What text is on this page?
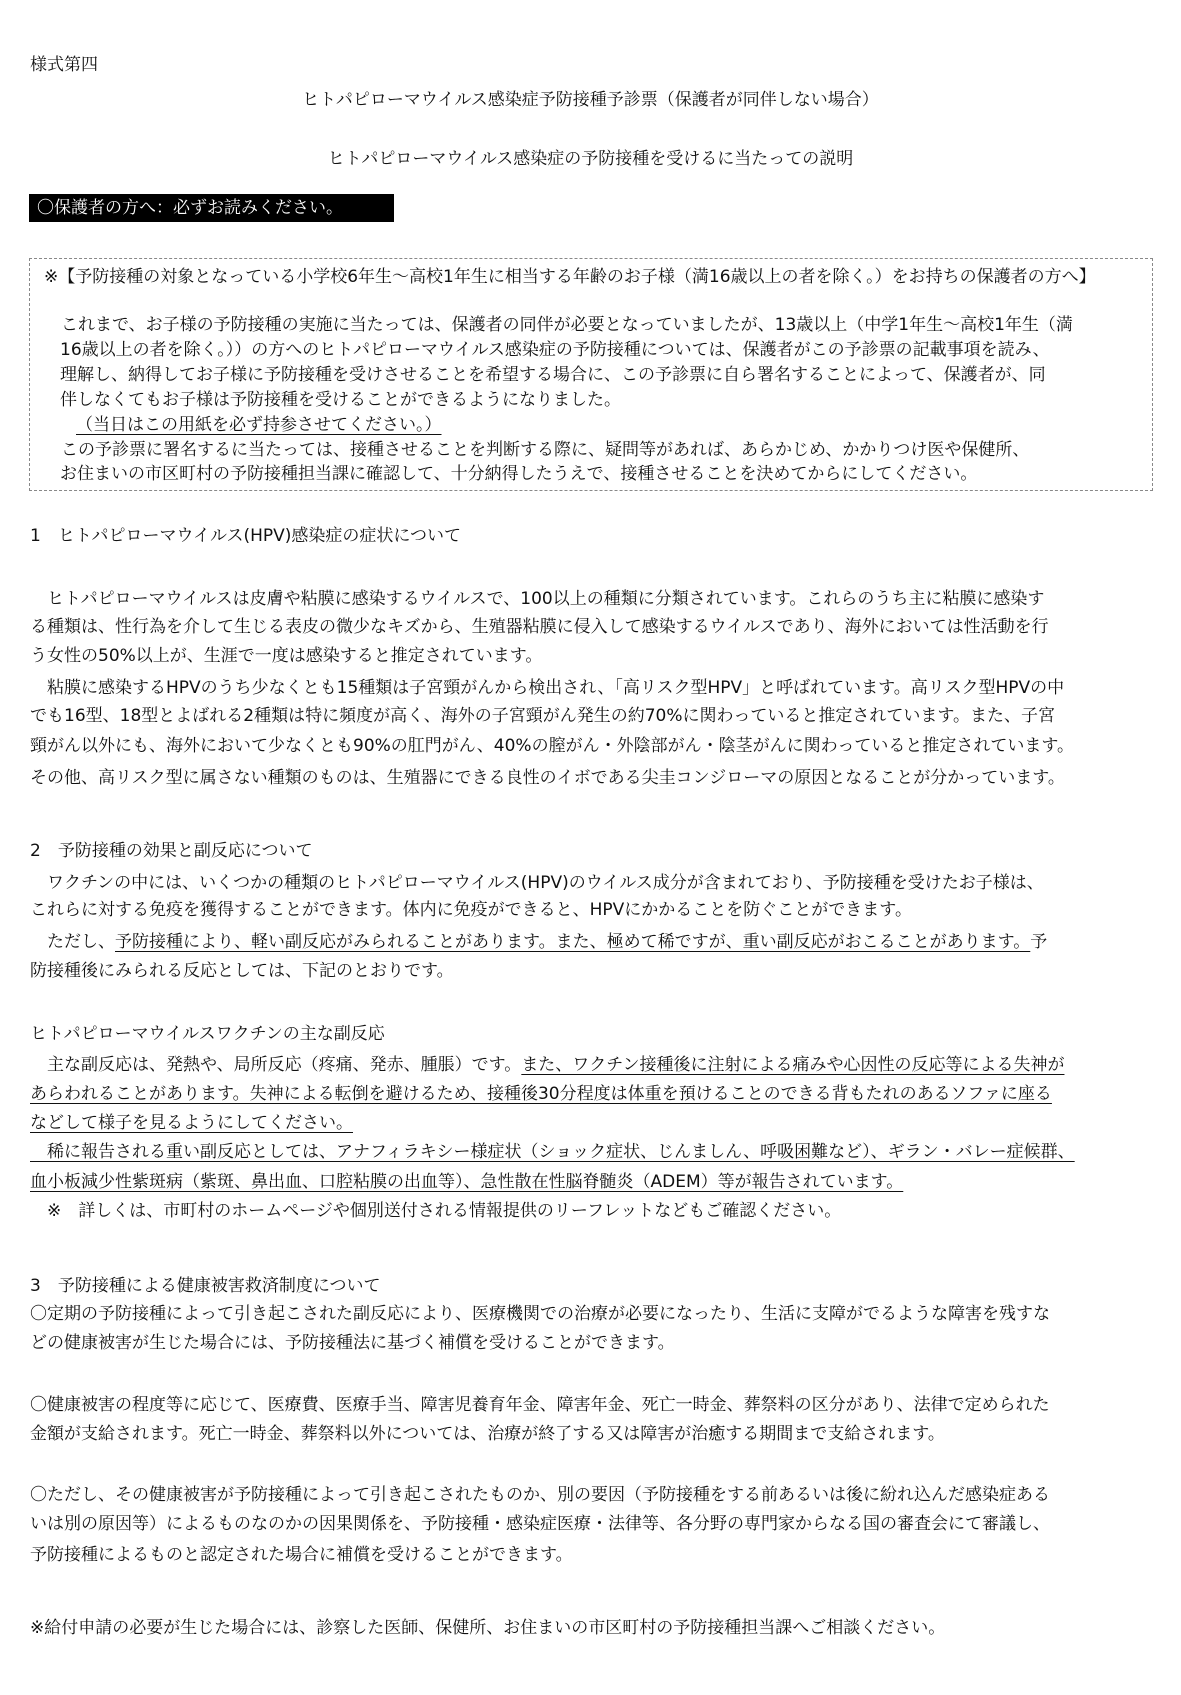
様式第四
ヒトパピローマウイルス感染症予防接種予診票（保護者が同伴しない場合）
ヒトパピローマウイルス感染症の予防接種を受けるに当たっての説明
〇保護者の方へ：必ずお読みください。
※【予防接種の対象となっている小学校6年生～高校1年生に相当する年齢のお子様（満16歳以上の者を除く。）をお持ちの保護者の方へ】
　これまで、お子様の予防接種の実施に当たっては、保護者の同伴が必要となっていましたが、13歳以上（中学1年生～高校1年生（満
16歳以上の者を除く。））の方へのヒトパピローマウイルス感染症の予防接種については、保護者がこの予診票の記載事項を読み、
理解し、納得してお子様に予防接種を受けさせることを希望する場合に、この予診票に自ら署名することによって、保護者が、同
伴しなくてもお子様は予防接種を受けることができるようになりました。
（当日はこの用紙を必ず持参させてください。）
　この予診票に署名するに当たっては、接種させることを判断する際に、疑問等があれば、あらかじめ、かかりつけ医や保健所、
お住まいの市区町村の予防接種担当課に確認して、十分納得したうえで、接種させることを決めてからにしてください。
1　ヒトパピローマウイルス(HPV)感染症の症状について
　ヒトパピローマウイルスは皮膚や粘膜に感染するウイルスで、100以上の種類に分類されています。これらのうち主に粘膜に感染す
る種類は、性行為を介して生じる表皮の微少なキズから、生殖器粘膜に侵入して感染するウイルスであり、海外においては性活動を行
う女性の50%以上が、生涯で一度は感染すると推定されています。
　粘膜に感染するHPVのうち少なくとも15種類は子宮頸がんから検出され、「高リスク型HPV」と呼ばれています。高リスク型HPVの中
でも16型、18型とよばれる2種類は特に頻度が高く、海外の子宮頸がん発生の約70%に関わっていると推定されています。また、子宮
頸がん以外にも、海外において少なくとも90%の肛門がん、40%の膣がん・外陰部がん・陰茎がんに関わっていると推定されています。
その他、高リスク型に属さない種類のものは、生殖器にできる良性のイボである尖圭コンジローマの原因となることが分かっています。
2　予防接種の効果と副反応について
　ワクチンの中には、いくつかの種類のヒトパピローマウイルス(HPV)のウイルス成分が含まれており、予防接種を受けたお子様は、
これらに対する免疫を獲得することができます。体内に免疫ができると、HPVにかかることを防ぐことができます。
　ただし、予防接種により、軽い副反応がみられることがあります。また、極めて稀ですが、重い副反応がおこることがあります。予
防接種後にみられる反応としては、下記のとおりです。
ヒトパピローマウイルスワクチンの主な副反応
　主な副反応は、発熱や、局所反応（疼痛、発赤、腫脹）です。また、ワクチン接種後に注射による痛みや心因性の反応等による失神が
あらわれることがあります。失神による転倒を避けるため、接種後30分程度は体重を預けることのできる背もたれのあるソファに座る
などして様子を見るようにしてください。
　稀に報告される重い副反応としては、アナフィラキシー様症状（ショック症状、じんましん、呼吸困難など）、ギラン・バレー症候群、
血小板減少性紫斑病（紫斑、鼻出血、口腔粘膜の出血等）、急性散在性脳脊髄炎（ADEM）等が報告されています。
　※　詳しくは、市町村のホームページや個別送付される情報提供のリーフレットなどもご確認ください。
3　予防接種による健康被害救済制度について
〇定期の予防接種によって引き起こされた副反応により、医療機関での治療が必要になったり、生活に支障がでるような障害を残すな
どの健康被害が生じた場合には、予防接種法に基づく補償を受けることができます。
〇健康被害の程度等に応じて、医療費、医療手当、障害児養育年金、障害年金、死亡一時金、葬祭料の区分があり、法律で定められた
金額が支給されます。死亡一時金、葬祭料以外については、治療が終了する又は障害が治癒する期間まで支給されます。
〇ただし、その健康被害が予防接種によって引き起こされたものか、別の要因（予防接種をする前あるいは後に紛れ込んだ感染症ある
いは別の原因等）によるものなのかの因果関係を、予防接種・感染症医療・法律等、各分野の専門家からなる国の審査会にて審議し、
予防接種によるものと認定された場合に補償を受けることができます。
※給付申請の必要が生じた場合には、診察した医師、保健所、お住まいの市区町村の予防接種担当課へご相談ください。
